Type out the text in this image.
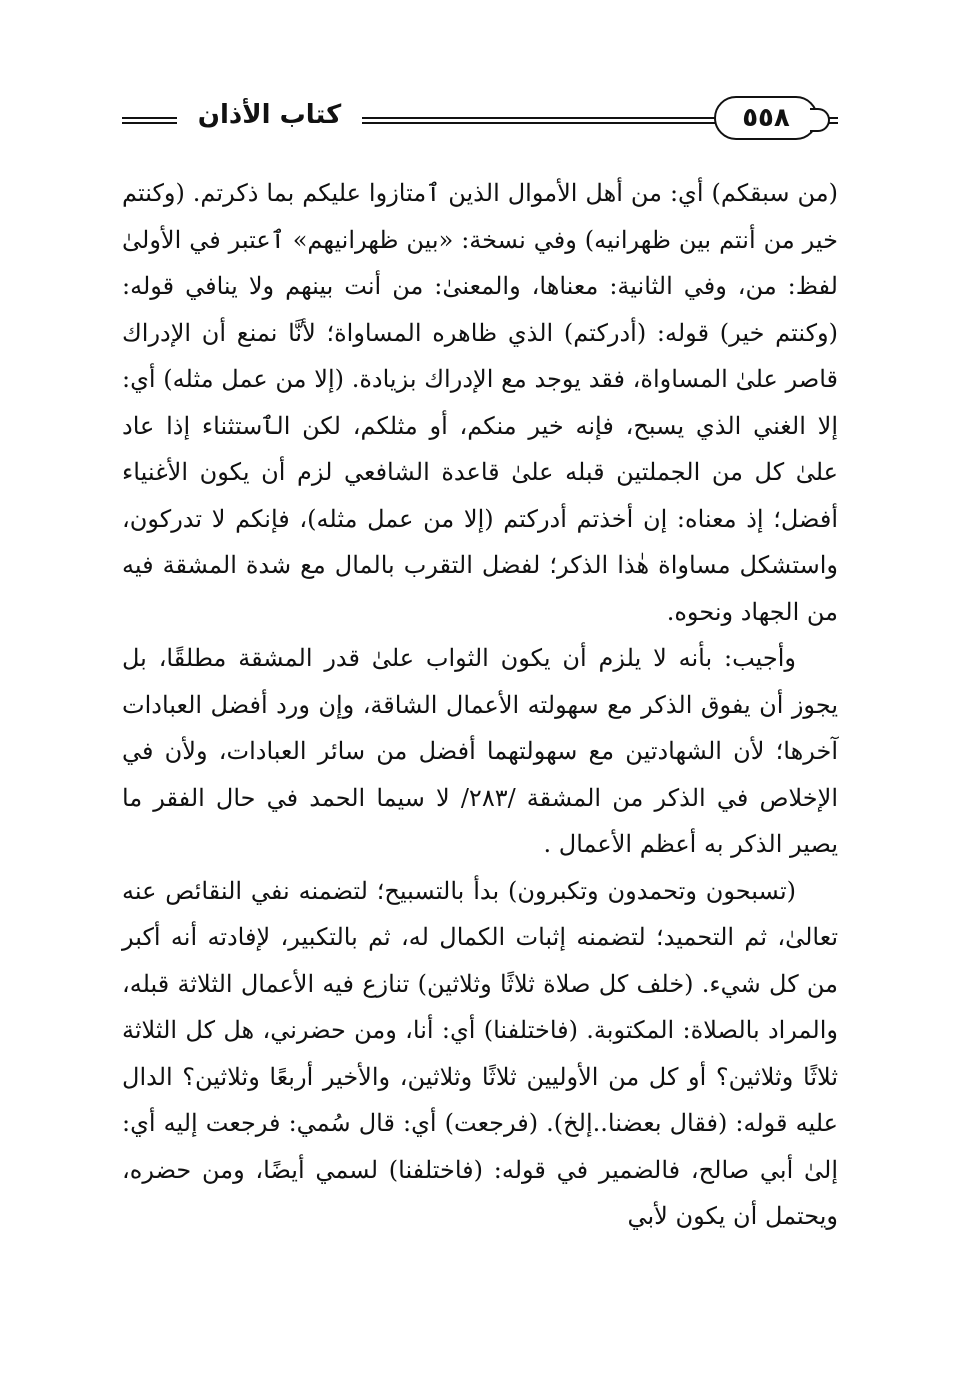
كتاب الأذان	٥٥٨

(من سبقكم) أي: من أهل الأموال الذين ٱمتازوا عليكم بما ذكرتم. (وكنتم خير من أنتم بين ظهرانيه) وفي نسخة: «بين ظهرانيهم» ٱعتبر في الأولىٰ لفظ: من، وفي الثانية: معناها، والمعنىٰ: من أنت بينهم ولا ينافي قوله: (وكنتم خير) قوله: (أدركتم) الذي ظاهره المساواة؛ لأنَّا نمنع أن الإدراك قاصر علىٰ المساواة، فقد يوجد مع الإدراك بزيادة. (إلا من عمل مثله) أي: إلا الغني الذي يسبح، فإنه خير منكم، أو مثلكم، لكن الٱستثناء إذا عاد علىٰ كل من الجملتين قبله علىٰ قاعدة الشافعي لزم أن يكون الأغنياء أفضل؛ إذ معناه: إن أخذتم أدركتم (إلا من عمل مثله)، فإنكم لا تدركون، واستشكل مساواة هٰذا الذكر؛ لفضل التقرب بالمال مع شدة المشقة فيه من الجهاد ونحوه.

وأجيب: بأنه لا يلزم أن يكون الثواب علىٰ قدر المشقة مطلقًا، بل يجوز أن يفوق الذكر مع سهولته الأعمال الشاقة، وإن ورد أفضل العبادات آخرها؛ لأن الشهادتين مع سهولتهما أفضل من سائر العبادات، ولأن في الإخلاص في الذكر من المشقة /٢٨٣/ لا سيما الحمد في حال الفقر ما يصير الذكر به أعظم الأعمال .

(تسبحون وتحمدون وتكبرون) بدأ بالتسبيح؛ لتضمنه نفي النقائص عنه تعالىٰ، ثم التحميد؛ لتضمنه إثبات الكمال له، ثم بالتكبير، لإفادته أنه أكبر من كل شيء. (خلف كل صلاة ثلاثًا وثلاثين) تنازع فيه الأعمال الثلاثة قبله، والمراد بالصلاة: المكتوبة. (فاختلفنا) أي: أنا، ومن حضرني، هل كل الثلاثة ثلاثًا وثلاثين؟ أو كل من الأوليين ثلاثًا وثلاثين، والأخير أربعًا وثلاثين؟ الدال عليه قوله: (فقال بعضنا..إلخ). (فرجعت) أي: قال سُمي: فرجعت إليه أي: إلىٰ أبي صالح، فالضمير في قوله: (فاختلفنا) لسمي أيضًا، ومن حضره، ويحتمل أن يكون لأبي
